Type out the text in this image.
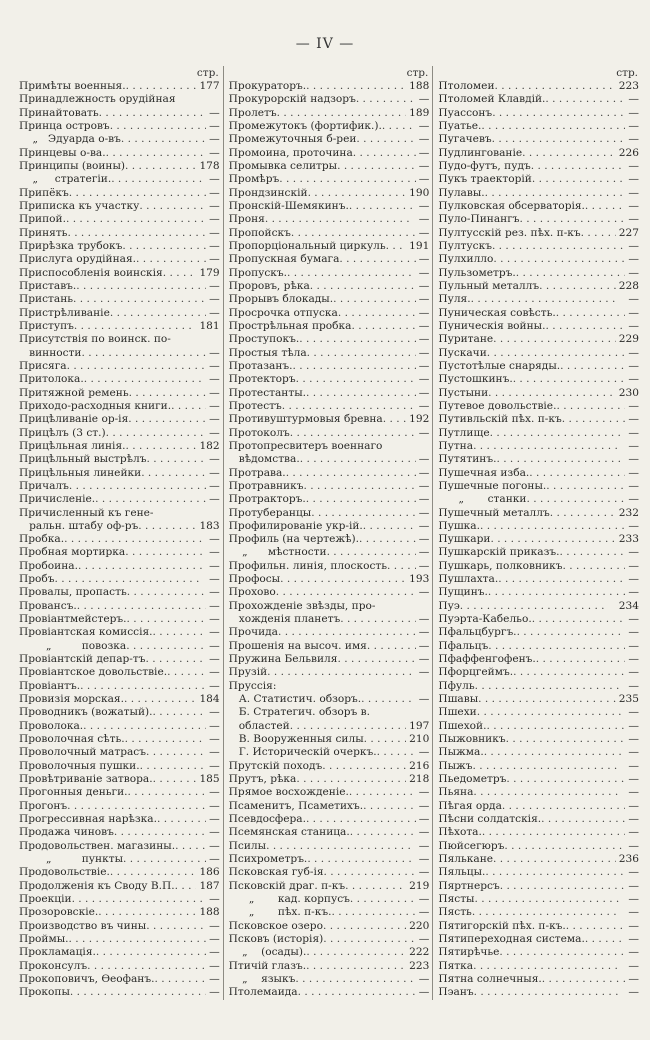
— IV —
стр.
Примѣты военныя. . .	177
Принадлежность орудійная
Принайтовать . .	—
Принца островъ . .	—
„   Эдуарда о-въ . .	—
Принцевы о-ва. . .	—
Принципы (воины) . .	178
„     стратегіи. . .	—
Припёкъ . .	—
Приписка къ участку . .	—
Припой. . .	—
Принять . .	—
Прирѣзка трубокъ . .	—
Прислуга орудійная. . .	—
Приспособленія воинскія . .	179
Приставъ. . .	—
Пристань . .	—
Пристрѣливаніе . .	—
Приступъ . .	181
Присутствія по воинск. по-
винности . .	—
Присяга . .	—
Притолока. . .	—
Притяжной ремень . .	—
Приходо-расходныя книги. . .	—
Прицѣливаніе ор-ія . .	—
Прицѣлъ (3 ст.) . .	—
Прицѣльная линія. . .	182
Прицѣльный выстрѣлъ . .	—
Прицѣльныя линейки . .	—
Причалъ . .	—
Причисленіе. . .	—
Причисленный къ гене-
ральн. штабу оф-ръ . .	183
Пробка. . .	—
Пробная мортирка . .	—
Пробоина. . .	—
Пробъ . .	—
Провалы, пропасть . .	—
Провансъ. . .	—
Провіантмейстеръ. . .	—
Провіантская комиссія. . .	—
„         повозка . .	—
Провіантскій депар-тъ . .	—
Провіантское довольствіе. . .	—
Провіантъ. . .	—
Провизія морская. . .	184
Проводникъ (вожатый). . .	—
Проволока. . .	—
Проволочная сѣть. . .	—
Проволочный матрасъ . .	—
Проволочныя пушки. . .	—
Провѣтриваніе затвора. . .	185
Прогонныя деньги. . .	—
Прогонъ . .	—
Прогрессивная нарѣзка. . .	—
Продажа чиновъ . .	—
Продовольствен. магазины. . .	—
„         пункты . .	—
Продовольствіе. . .	186
Продолженія къ Своду В.П. . . 187
Проекціи . .	—
Прозоровскіе. . .	188
Производство въ чины . .	—
Проймы. . .	—
Прокламація. . .	—
Проконсулъ . .	—
Прокоповичъ, Ѳеофанъ. . .	—
Прокопы . .	—
стр.
Прокураторъ. . .	188
Прокурорскій надзоръ . .	—
Пролетъ . .	189
Промежутокъ (фортифик.). . .	—
Промежуточныя б-реи . .	—
Промоина, проточина . .	—
Промывка селитры . .	—
Промѣръ . .	—
Прондзинскій . .	190
Пронскій-Шемякинъ. . .	—
Проня . .	—
Пропойскъ . .	—
Пропорціональный циркуль . . 191
Пропускная бумага . .	—
Пропускъ. . .	—
Проровъ, рѣка . .	—
Прорывъ блокады. . .	—
Просрочка отпуска . .	—
Прострѣльная пробка . .	—
Проступокъ. . .	—
Простыя тѣла . .	—
Протазанъ. . .	—
Протекторъ . .	—
Протестанты. . .	—
Протестъ . .	—
Противуштурмовыя бревна . . 192
Протоколъ . .	—
Протопресвитеръ военнаго
вѣдомства. . .	—
Протрава. . .	—
Протравникъ . .	—
Протракторъ. . .	—
Протуберанцы . .	—
Профилированіе укр-ій. . .	—
Профиль (на чертежѣ). . .	—
„      мѣстности . .	—
Профильн. линія, плоскость . .	—
Профосы . .	193
Прохово . .	—
Прохожденіе звѣзды, про-
хожденія планетъ . .	—
Прочида . .	—
Прошенія на высоч. имя . .	—
Пружина Бельвиля . .	—
Прузій . .	—
Пруссія:
А. Статистич. обзоръ. . .	—
Б. Стратегич. обзоръ в.
областей . .	197
В. Вооруженныя силы . .	210
Г. Историческій очеркъ. . .	—
Прутскій походъ . .	216
Прутъ, рѣка . .	218
Прямое восхожденіе. . .	—
Псаменитъ, Псаметихъ. . .	—
Псевдосфера. . .	—
Псемянская станица. . .	—
Псилы . .	—
Психрометръ. . .	—
Псковская губ-ія . .	—
Псковскій драг. п-къ . .	219
„       кад. корпусъ . .	—
„       пѣх. п-къ. . .	—
Псковское озеро . .	220
Псковъ (исторія) . .	—
„    (осады). . .	222
Птичій глазъ. . .	223
„    языкъ . .	—
Птолемаида . .	—
стр.
Птоломеи . .	223
Птоломей Клавдій. . .	—
Пуассонъ . .	—
Пуатье. . .	—
Пугачевъ . .	—
Пудлингованіе . .	226
Пудо-футъ, пудъ . .	—
Пукъ траекторій . .	—
Пулавы. . .	—
Пулковская обсерваторія. . .	—
Пуло-Пинангъ . .	—
Пултусскій рез. пѣх. п-къ . .	227
Пултускъ . .	—
Пулхилло . .	—
Пульзометръ. . .	—
Пульный металлъ . .	228
Пуля. . .	—
Пуническая совѣсть. . .	—
Пуническія войны. . .	—
Пуритане . .	229
Пускачи . .	—
Пустотѣлые снаряды. . .	—
Пустошкинъ. . .	—
Пустыни . .	230
Путевое довольствіе. . .	—
Путивльскій пѣх. п-къ . .	—
Путлище . .	—
Путна . .	—
Путятинъ. . .	—
Пушечная изба. . .	—
Пушечные погоны. . .	—
„       станки . .	—
Пушечный металлъ . .	232
Пушка. . .	—
Пушкари . .	233
Пушкарскій приказъ. . .	—
Пушкарь, полковникъ . .	—
Пушлахта. . .	—
Пущинъ. . .	—
Пуэ . .	234
Пуэрта-Кабельо. . .	—
Пфальцбургъ. . .	—
Пфальцъ . .	—
Пфаффенгофенъ. . .	—
Пфорцгеймъ. . .	—
Пфуль . .	—
Пшавы . .	235
Пшехи . .	—
Пшехой. . .	—
Пыжовникъ . .	—
Пыжма. . .	—
Пыжъ . .	—
Пьедометръ . .	—
Пьяна . .	—
Пѣгая орда . .	—
Пѣсни солдатскія. . .	—
Пѣхота. . .	—
Пюйсегюръ . .	—
Пялькане . .	236
Пяльцы. . .	—
Пяртнерсъ . .	—
Пясты . .	—
Пясть . .	—
Пятигорскій пѣх. п-къ. . .	—
Пятипереходная система. . .	—
Пятирѣчье . .	—
Пятка . .	—
Пятна солнечныя. . .	—
Пэанъ . .	—
